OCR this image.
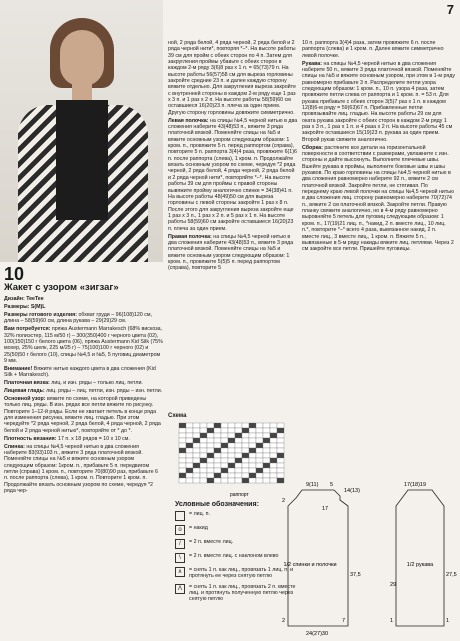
7
10
Жакет с узором «зигзаг»

Дизайн: TeeTee

Размеры: S(M)L

Размеры готового изделия: обхват груди – 96(108)120 см, длина – 58(59)60 см, длина рукава – 29(29)29 см.

Вам потребуется: пряжа Austermann Marrakesch (68% вискоза, 32% полиэстер, 115 м/50 г) – 300(350)400 г черного цвета (02), 100(150)150 г белого цвета (06), пряжа Austermann Kid Silk (75% мохер, 25% шелк, 225 м/25 г) – 75(100)100 г черного (02) и 25(50)50 г белого (10), спицы №4,5 и №5, 5 пуговиц диаметром 9 мм.

Внимание! Вяжите нитью каждого цвета в два сложения (Kid Silk + Marrakesch).

Платочная вязка: лиц. и изн. ряды – только лиц. петли.

Лицевая гладь: лиц. ряды – лиц. петли, изн. ряды – изн. петли.

Основной узор: вяжите по схеме, на которой приведены только лиц. ряды. В изн. рядах все петли вяжите по рисунку. Повторите 1–12-й ряды. Если не хватает петель в конце ряда для изменения рисунка, вяжите лиц. гладью. При этом чередуйте *2 ряда черной, 2 ряда белой, 4 ряда черной, 2 ряда белой и 2 ряда черной нитью*, повторяйте от * до *.

Плотность вязания: 17 п. х 18 рядов = 10 х 10 см.

Спинка: на спицы №4,5 черной нитью в два сложения наберите 83(93)103 п., вяжите 3 ряда платочной вязкой. Поменяйте спицы на №5 и вяжите основным узором следующим образом: 1кром. п., прибавьте 5 п. передвигом петли (справа) 1 кром. п., повторите 70(80)90 раз, прибавьте 6 п. после раппорта (слева), 1 кром. п. Повторите 1 кром. п. Продолжайте вязать основным узором по схеме, чередуя *2 ряда чер-

ной, 2 ряда белой, 4 ряда черной, 2 ряда белой и 2 ряда черной нити*, повторяя *–*. На высоте работы 39 см для пройм с обеих сторон по 4 п. Затем для закругления проймы убавьте с обеих сторон в каждом 2-м ряду 3(6)8 раз х 1 п. = 65(73)79 п. На высоте работы 56(57)58 см для выреза горловины закройте средние 23 п. и далее каждую сторону вяжите отдельно. Для закругления выреза закройте с внутренней стороны в каждом 2-м ряду еще 1 раз х 3 п. и 1 раз х 2 п. На высоте работы 58(59)60 см оставшиеся 16(20)23 п. плеча за один прием. Другую сторону горловины довяжите симметрично.

Левая полочка: на спицы №4,5 черной нитью в два сложения наберите 43(48)53 п., вяжите 3 ряда платочной вязкой. Поменяйте спицы на №5 и вяжите основным узором следующим образом: 1 кром. п., провяжите 5 п. перед раппортом (справа), повторите 5 п. раппорта 3(4)4 раза, провяжите 6(1)6 п. после раппорта (слева), 1 кром. п. Продолжайте вязать основным узором по схеме, чередуя *2 ряда черной, 2 ряда белой, 4 ряда черной, 2 ряда белой и 2 ряда черной нити*, повторяйте *–*. На высоте работы 39 см для проймы с правой стороны вывяжите пройму аналогично спинке = 34(38)41 п. На высоте работы 48(49)50 см для выреза горловины с левой стороны закройте 1 раз х 8 п. После этого для закругления выреза закройте еще 1 раз х 3 п., 1 раз х 2 п. и 5 раз х 1 п. На высоте работы 58(59)60 см закройте оставшиеся 16(20)23 п. плеча за один прием.

Правая полочка: на спицы №4,5 черной нитью в два сложения наберите 43(48)53 п., вяжите 3 ряда платочной вязкой. Поменяйте спицы на №5 и вяжите основным узором следующим образом: 1 кром. п., провяжите 5(5)5 п. перед раппортом (справа), повторите 5

10 п. раппорта 3(4)4 раза, затем провяжите 6 п. после раппорта (слева) и 1 кром. п. Далее вяжите симметрично левой полочке.

Рукава: на спицы №4,5 черной нитью в два сложения наберите 50 п., вяжите 3 ряда платочной вязкой. Поменяйте спицы на №5 и вяжите основным узором, при этом в 1-м ряду равномерно прибавьте 3 п. Распределите петли узора следующим образом: 1 кром. п., 10 п. узора 4 раза, затем провяжите петли слева от раппорта и 1 кром. п. = 53 п. Для рукава прибавьте с обеих сторон 3(5)7 раз х 1 п. в каждом 12(8)6-м ряду = 59(63)67 п. Прибавленные петли провязывайте лиц. гладью. На высоте работы 29 см для оката рукава закройте с обеих сторон в каждом 2-м ряду 1 раз х 3 п., 1 раз х 1 п. и 4 раза х 2 п. На высоте работы 45 см закройте оставшиеся 15(19)23 п. рукава за один прием. Второй рукав свяжите аналогично.

Сборка: растяните все детали на горизонтальной поверхности в соответствии с размерами, увлажните с изн. стороны и дайте высохнуть. Выполните плечевые швы. Вшейте рукава в проймы, выполните боковые швы и швы рукавов. По краю горловины на спицы №4,5 черной нитью в два сложения равномерно наберите 92 п., вяжите 2 см платочной вязкой. Закройте петли, не стягивая. По переднему краю левой полочки на спицы №4,5 черной нитью в два сложения лиц. сторону равномерно наберите 70(72)74 п., вяжите 2 см платочной вязкой. Закройте петли. Правую планку свяжите аналогично, но в 4-м ряду равномерно выровняйте 5 петель для пуговиц следующим образом: 1 кром. п., 17(19)21 лиц. п., *накид, 2 п. вместе лиц., 10 лиц. п.*, повторите *–* всего 4 раза, вывязанное накид, 2 п. вместе лиц., 3 вместе лиц., 1 кром. п. Вяжите 5 п., вывязанные в 5-м ряду накиды вяжите лиц. петлями. Через 2 см закройте все петли. Пришейте пуговицы.

Схема
раппорт
Условные обозначения:
= лиц. п.
o	= накид
/	= 2 п. вместе лиц.
\	= 2 п. вместе лиц. с наклоном влево
∧	= снять 1 п. как лиц., провязать 1 лиц. п. и протянуть ее через снятую петлю
Λ	= снять 1 п. как лиц., провязать 2 п. вместе лиц. и протянуть полученную петлю через снятую петлю
1/2 спинки и полочки	1/2 рукава
9(11) 5
14(13)
17(18)19
2
17
37,5	27,5
29
1
24(27)30
2	7	1
